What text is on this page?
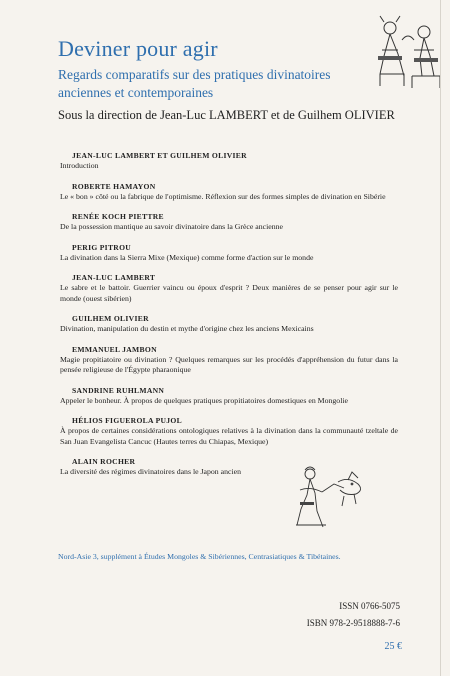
Deviner pour agir
Regards comparatifs sur des pratiques divinatoires anciennes et contemporaines
Sous la direction de Jean-Luc LAMBERT et de Guilhem OLIVIER
JEAN-LUC LAMBERT ET GUILHEM OLIVIER
Introduction
ROBERTE HAMAYON
Le « bon » côté ou la fabrique de l'optimisme. Réflexion sur des formes simples de divination en Sibérie
RENÉE KOCH PIETTRE
De la possession mantique au savoir divinatoire dans la Grèce ancienne
PERIG PITROU
La divination dans la Sierra Mixe (Mexique) comme forme d'action sur le monde
JEAN-LUC LAMBERT
Le sabre et le battoir. Guerrier vaincu ou époux d'esprit ? Deux manières de se penser pour agir sur le monde (ouest sibérien)
GUILHEM OLIVIER
Divination, manipulation du destin et mythe d'origine chez les anciens Mexicains
EMMANUEL JAMBON
Magie propitiatoire ou divination ? Quelques remarques sur les procédés d'appréhension du futur dans la pensée religieuse de l'Égypte pharaonique
SANDRINE RUHLMANN
Appeler le bonheur. À propos de quelques pratiques propitiatoires domestiques en Mongolie
HÉLIOS FIGUEROLA PUJOL
À propos de certaines considérations ontologiques relatives à la divination dans la communauté tzeltale de San Juan Evangelista Cancuc (Hautes terres du Chiapas, Mexique)
ALAIN ROCHER
La diversité des régimes divinatoires dans le Japon ancien
Nord-Asie 3, supplément à Études Mongoles & Sibériennes, Centrasiatiques & Tibétaines.
ISSN 0766-5075
ISBN 978-2-9518888-7-6
25 €
